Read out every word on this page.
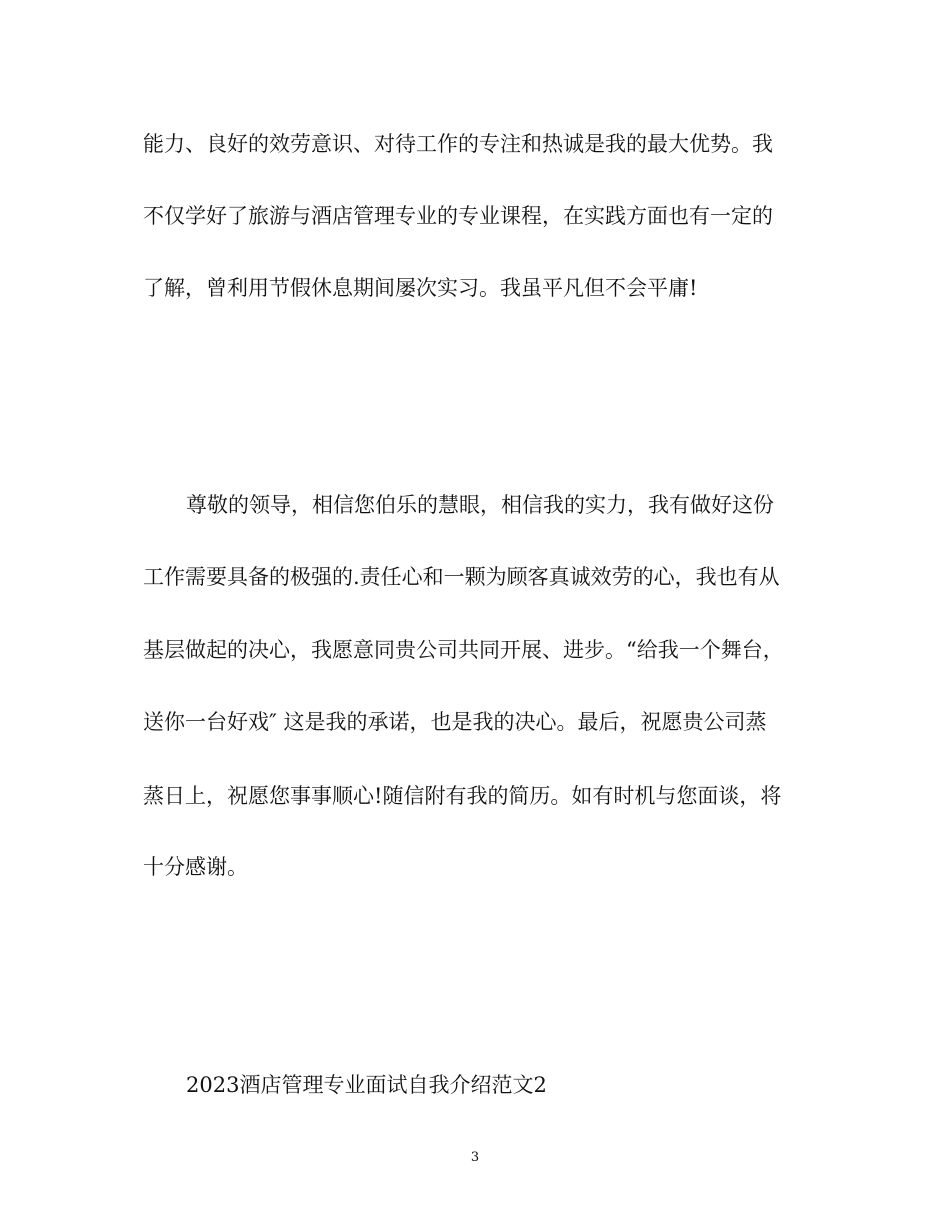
能力、良好的效劳意识、对待工作的专注和热诚是我的最大优势。我
不仅学好了旅游与酒店管理专业的专业课程，在实践方面也有一定的
了解，曾利用节假休息期间屡次实习。我虽平凡但不会平庸!
尊敬的领导，相信您伯乐的慧眼，相信我的实力，我有做好这份
工作需要具备的极强的.责任心和一颗为顾客真诚效劳的心，我也有从
基层做起的决心，我愿意同贵公司共同开展、进步。“给我一个舞台，
送你一台好戏″ 这是我的承诺，也是我的决心。最后，祝愿贵公司蒸
蒸日上，祝愿您事事顺心!随信附有我的简历。如有时机与您面谈，将
十分感谢。
2023酒店管理专业面试自我介绍范文2
3
